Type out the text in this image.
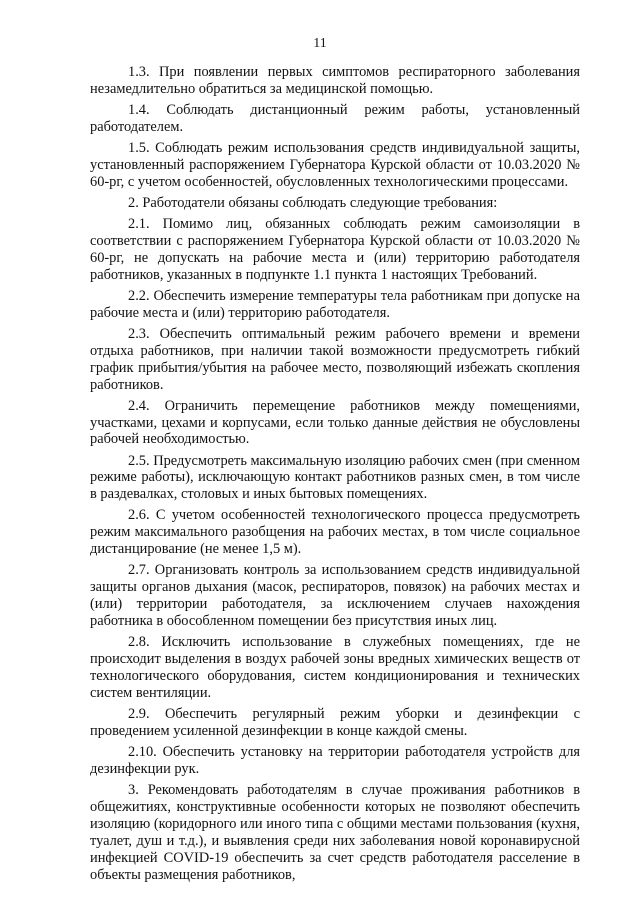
11

1.3. При появлении первых симптомов респираторного заболевания незамедлительно обратиться за медицинской помощью.

1.4. Соблюдать дистанционный режим работы, установленный работодателем.

1.5. Соблюдать режим использования средств индивидуальной защиты, установленный распоряжением Губернатора Курской области от 10.03.2020 № 60-рг, с учетом особенностей, обусловленных технологическими процессами.

2. Работодатели обязаны соблюдать следующие требования:

2.1. Помимо лиц, обязанных соблюдать режим самоизоляции в соответствии с распоряжением Губернатора Курской области от 10.03.2020 № 60-рг, не допускать на рабочие места и (или) территорию работодателя работников, указанных в подпункте 1.1 пункта 1 настоящих Требований.

2.2. Обеспечить измерение температуры тела работникам при допуске на рабочие места и (или) территорию работодателя.

2.3. Обеспечить оптимальный режим рабочего времени и времени отдыха работников, при наличии такой возможности предусмотреть гибкий график прибытия/убытия на рабочее место, позволяющий избежать скопления работников.

2.4. Ограничить перемещение работников между помещениями, участками, цехами и корпусами, если только данные действия не обусловлены рабочей необходимостью.

2.5. Предусмотреть максимальную изоляцию рабочих смен (при сменном режиме работы), исключающую контакт работников разных смен, в том числе в раздевалках, столовых и иных бытовых помещениях.

2.6. С учетом особенностей технологического процесса предусмотреть режим максимального разобщения на рабочих местах, в том числе социальное дистанцирование (не менее 1,5 м).

2.7. Организовать контроль за использованием средств индивидуальной защиты органов дыхания (масок, респираторов, повязок) на рабочих местах и (или) территории работодателя, за исключением случаев нахождения работника в обособленном помещении без присутствия иных лиц.

2.8. Исключить использование в служебных помещениях, где не происходит выделения в воздух рабочей зоны вредных химических веществ от технологического оборудования, систем кондиционирования и технических систем вентиляции.

2.9. Обеспечить регулярный режим уборки и дезинфекции с проведением усиленной дезинфекции в конце каждой смены.

2.10. Обеспечить установку на территории работодателя устройств для дезинфекции рук.

3. Рекомендовать работодателям в случае проживания работников в общежитиях, конструктивные особенности которых не позволяют обеспечить изоляцию (коридорного или иного типа с общими местами пользования (кухня, туалет, душ и т.д.), и выявления среди них заболевания новой коронавирусной инфекцией COVID-19 обеспечить за счет средств работодателя расселение в объекты размещения работников,
